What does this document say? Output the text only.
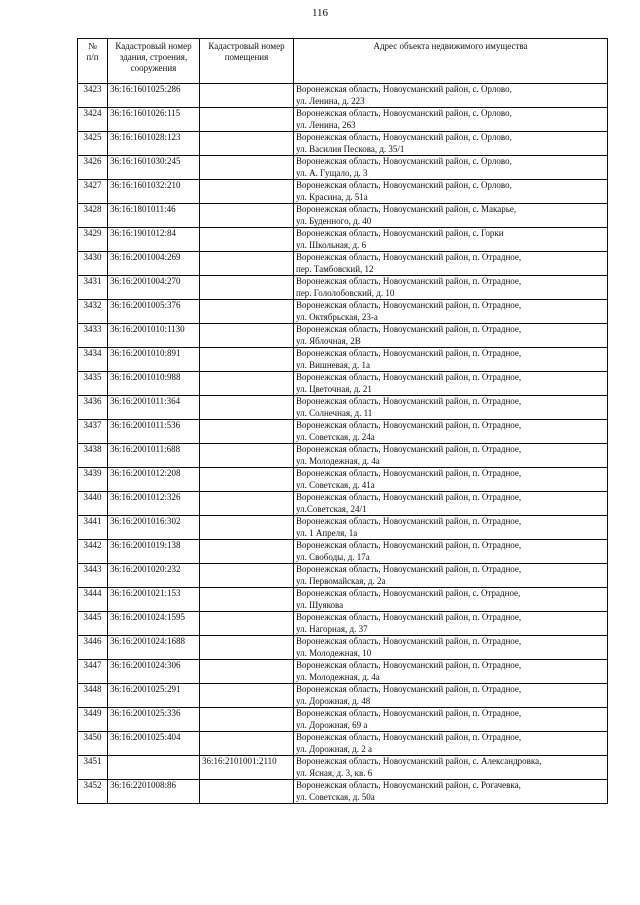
116
№
п/п	Кадастровый номер здания, строения, сооружения	Кадастровый номер помещения	Адрес объекта недвижимого имущества
3423	36:16:1601025:286		Воронежская область, Новоусманский район, с. Орлово,
ул. Ленина, д. 223
3424	36:16:1601026:115		Воронежская область, Новоусманский район, с. Орлово,
ул. Ленина, 263
3425	36:16:1601028:123		Воронежская область, Новоусманский район, с. Орлово,
ул. Василия Пескова, д. 35/1
3426	36:16:1601030:245		Воронежская область, Новоусманский район, с. Орлово,
ул. А. Гущало, д. 3
3427	36:16:1601032:210		Воронежская область, Новоусманский район, с. Орлово,
ул. Красина, д. 51а
3428	36:16:1801011:46		Воронежская область, Новоусманский район, с. Макарье,
ул. Буденного, д. 40
3429	36:16:1901012:84		Воронежская область, Новоусманский район, с. Горки
ул. Школьная, д. 6
3430	36:16:2001004:269		Воронежская область, Новоусманский район, п. Отрадное,
пер. Тамбовский, 12
3431	36:16:2001004:270		Воронежская область, Новоусманский район, п. Отрадное,
пер. Гололобовский, д. 10
3432	36:16:2001005:376		Воронежская область, Новоусманский район, п. Отрадное,
ул. Октябрьская, 23-а
3433	36:16:2001010:1130		Воронежская область, Новоусманский район, п. Отрадное,
ул. Яблочная, 2В
3434	36:16:2001010:891		Воронежская область, Новоусманский район, п. Отрадное,
ул. Вишневая, д. 1а
3435	36:16:2001010:988		Воронежская область, Новоусманский район, п. Отрадное,
ул. Цветочная, д. 21
3436	36:16:2001011:364		Воронежская область, Новоусманский район, п. Отрадное,
ул. Солнечная, д. 11
3437	36:16:2001011:536		Воронежская область, Новоусманский район, п. Отрадное,
ул. Советская, д. 24а
3438	36:16:2001011:688		Воронежская область, Новоусманский район, п. Отрадное,
ул. Молодежная, д. 4а
3439	36:16:2001012:208		Воронежская область, Новоусманский район, п. Отрадное,
ул. Советская, д. 41а
3440	36:16:2001012:326		Воронежская область, Новоусманский район, п. Отрадное,
ул.Советская, 24/1
3441	36:16:2001016:302		Воронежская область, Новоусманский район, п. Отрадное,
ул. 1 Апреля, 1а
3442	36:16:2001019:138		Воронежская область, Новоусманский район, п. Отрадное,
ул. Свободы, д. 17а
3443	36:16:2001020:232		Воронежская область, Новоусманский район, п. Отрадное,
ул. Первомайская, д. 2а
3444	36:16:2001021:153		Воронежская область, Новоусманский район, с. Отрадное,
ул. Шуякова
3445	36:16:2001024:1595		Воронежская область, Новоусманский район, п. Отрадное,
ул. Нагорная, д. 37
3446	36:16:2001024:1688		Воронежская область, Новоусманский район, п. Отрадное,
ул. Молодежная, 10
3447	36:16:2001024:306		Воронежская область, Новоусманский район, п. Отрадное,
ул. Молодежная, д. 4а
3448	36:16:2001025:291		Воронежская область, Новоусманский район, п. Отрадное,
ул. Дорожная, д. 48
3449	36:16:2001025:336		Воронежская область, Новоусманский район, п. Отрадное,
ул. Дорожная, 69 а
3450	36:16:2001025:404		Воронежская область, Новоусманский район, п. Отрадное,
ул. Дорожная, д. 2 а
3451		36:16:2101001:2110	Воронежская область, Новоусманский район, с. Александровка,
ул. Ясная, д. 3, кв. 6
3452	36:16:2201008:86		Воронежская область, Новоусманский район, с. Рогачевка,
ул. Советская, д. 50а
